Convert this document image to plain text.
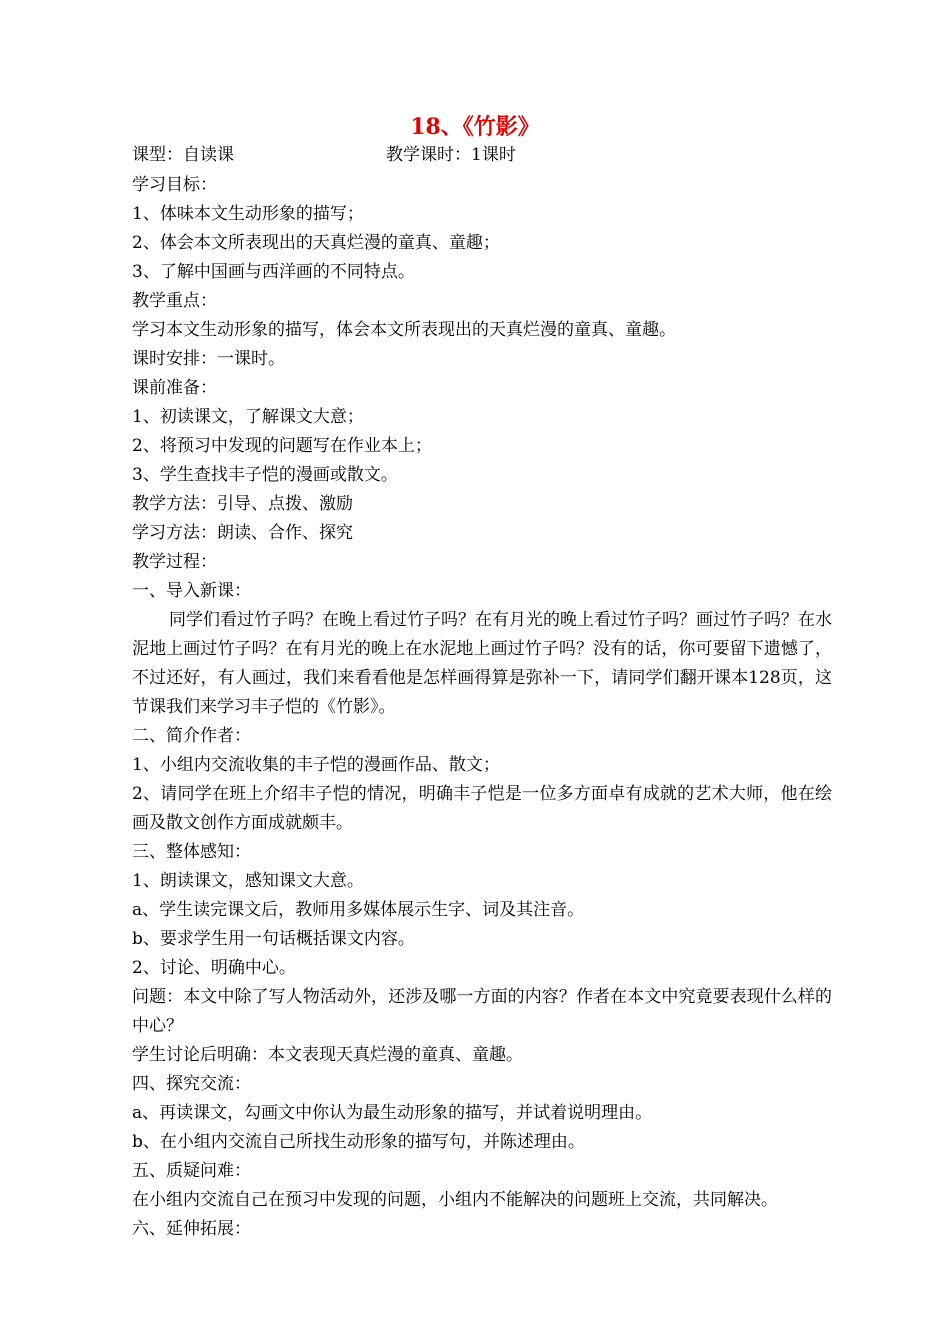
18、《竹影》
课型：自读课	教学课时：1课时

学习目标：

1、体味本文生动形象的描写；

2、体会本文所表现出的天真烂漫的童真、童趣；

3、了解中国画与西洋画的不同特点。

教学重点：

学习本文生动形象的描写，体会本文所表现出的天真烂漫的童真、童趣。

课时安排：一课时。

课前准备：

1、初读课文，了解课文大意；

2、将预习中发现的问题写在作业本上；

3、学生查找丰子恺的漫画或散文。

教学方法：引导、点拨、激励

学习方法：朗读、合作、探究

教学过程：

一、导入新课：

同学们看过竹子吗？在晚上看过竹子吗？在有月光的晚上看过竹子吗？画过竹子吗？在水泥地上画过竹子吗？在有月光的晚上在水泥地上画过竹子吗？没有的话，你可要留下遗憾了，不过还好，有人画过，我们来看看他是怎样画得算是弥补一下，请同学们翻开课本128页，这节课我们来学习丰子恺的《竹影》。

二、简介作者：

1、小组内交流收集的丰子恺的漫画作品、散文；

2、请同学在班上介绍丰子恺的情况，明确丰子恺是一位多方面卓有成就的艺术大师，他在绘画及散文创作方面成就颇丰。

三、整体感知：

1、朗读课文，感知课文大意。

a、学生读完课文后，教师用多媒体展示生字、词及其注音。

b、要求学生用一句话概括课文内容。

2、讨论、明确中心。

问题：本文中除了写人物活动外，还涉及哪一方面的内容？作者在本文中究竟要表现什么样的中心？

学生讨论后明确：本文表现天真烂漫的童真、童趣。

四、探究交流：

a、再读课文，勾画文中你认为最生动形象的描写，并试着说明理由。

b、在小组内交流自己所找生动形象的描写句，并陈述理由。

五、质疑问难：

在小组内交流自己在预习中发现的问题，小组内不能解决的问题班上交流，共同解决。

六、延伸拓展：
